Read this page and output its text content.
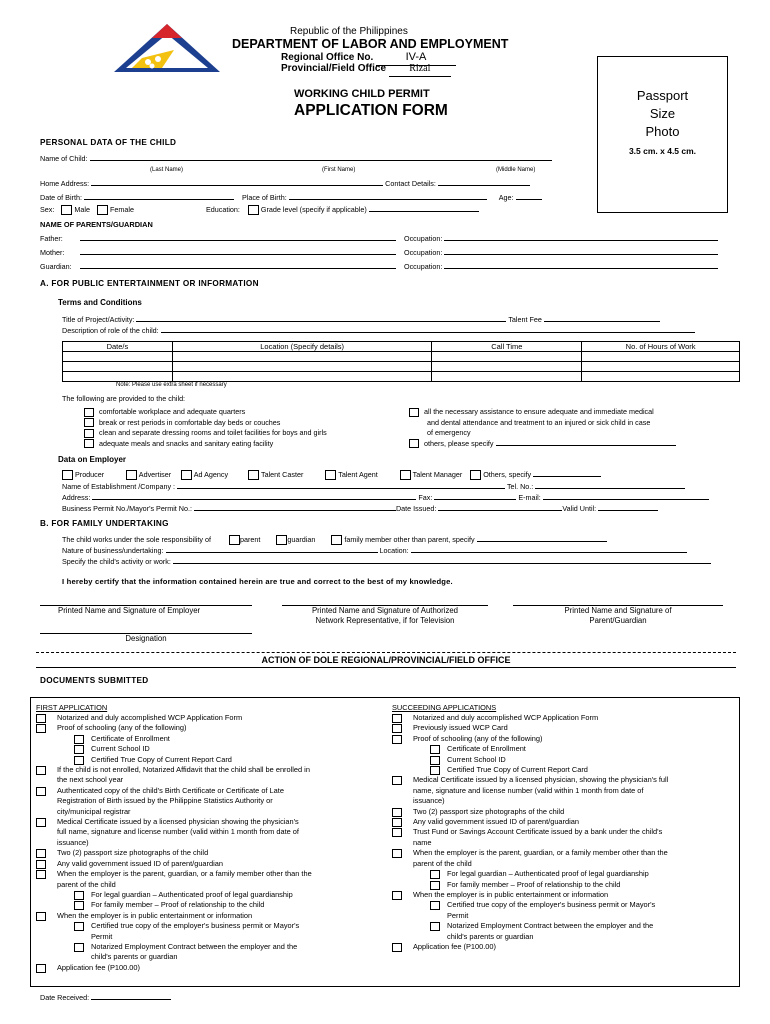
Republic of the Philippines
DEPARTMENT OF LABOR AND EMPLOYMENT
Regional Office No.	IV-A
Provincial/Field Office Rizal
WORKING CHILD PERMIT
APPLICATION FORM
Passport
Size
Photo
3.5 cm. x 4.5 cm.
PERSONAL DATA OF THE CHILD
Name of Child:
(Last Name)	(First Name)	(Middle Name)
Home Address:	Contact Details:
Date of Birth:	Place of Birth:	Age:
Sex:	Male	Female	Education:	Grade level (specify if applicable)
NAME OF PARENTS/GUARDIAN
Father:	Occupation:
Mother:	Occupation:
Guardian:	Occupation:
A. FOR PUBLIC ENTERTAINMENT OR INFORMATION
Terms and Conditions
Title of Project/Activity:	Talent Fee
Description of role of the child:
Date/s	Location (Specify details)	Call Time	No. of Hours of Work

Note: Please use extra sheet if necessary
The following are provided to the child:
comfortable workplace and adequate quarters
break or rest periods in comfortable day beds or couches
clean and separate dressing rooms and toilet facilities for boys and girls
adequate meals and snacks and sanitary eating facility
all the necessary assistance to ensure adequate and immediate medical
and dental attendance and treatment to an injured or sick child in case
of emergency
others, please specify
Data on Employer
Producer	Advertiser	Ad Agency	Talent Caster	Talent Agent	Talent Manager	Others, specify
Name of Establishment /Company :	Tel. No.:
Address:	Fax:	E-mail:
Business Permit No./Mayor's Permit No.:	Date Issued:	Valid Until:
B. FOR FAMILY UNDERTAKING
The child works under the sole responsibility of	parent	guardian	family member other than parent, specify
Nature of business/undertaking:	Location:
Specify the child's activity or work:
I hereby certify that the information contained herein are true and correct to the best of my knowledge.
Printed Name and Signature of Employer	Printed Name and Signature of Authorized
Network Representative, if for Television
Printed Name and Signature of
Parent/Guardian
Designation
ACTION OF DOLE REGIONAL/PROVINCIAL/FIELD OFFICE
DOCUMENTS SUBMITTED
FIRST APPLICATION
Notarized and duly accomplished WCP Application Form
Proof of schooling (any of the following)
Certificate of Enrollment
Current School ID
Certified True Copy of Current Report Card
If the child is not enrolled, Notarized Affidavit that the child shall be enrolled in
the next school year
Authenticated copy of the child's Birth Certificate or Certificate of Late
Registration of Birth issued by the Philippine Statistics Authority or
city/municipal registrar
Medical Certificate issued by a licensed physician showing the physician's
full name, signature and license number (valid within 1 month from date of
issuance)
Two (2) passport size photographs of the child
Any valid government issued ID of parent/guardian
When the employer is the parent, guardian, or a family member other than the
parent of the child
For legal guardian – Authenticated proof of legal guardianship
For family member – Proof of relationship to the child
When the employer is in public entertainment or information
Certified true copy of the employer's business permit or Mayor's
Permit
Notarized Employment Contract between the employer and the
child's parents or guardian
Application fee (P100.00)
SUCCEEDING APPLICATIONS
Notarized and duly accomplished WCP Application Form
Previously issued WCP Card
Proof of schooling (any of the following)
Certificate of Enrollment
Current School ID
Certified True Copy of Current Report Card
Medical Certificate issued by a licensed physician, showing the physician's full
name, signature and license number (valid within 1 month from date of
issuance)
Two (2) passport size photographs of the child
Any valid government issued ID of parent/guardian
Trust Fund or Savings Account Certificate issued by a bank under the child's
name
When the employer is the parent, guardian, or a family member other than the
parent of the child
For legal guardian – Authenticated proof of legal guardianship
For family member – Proof of relationship to the child
When the employer is in public entertainment or information
Certified true copy of the employer's business permit or Mayor's
Permit
Notarized Employment Contract between the employer and the
child's parents or guardian
Application fee (P100.00)
Date Received:
